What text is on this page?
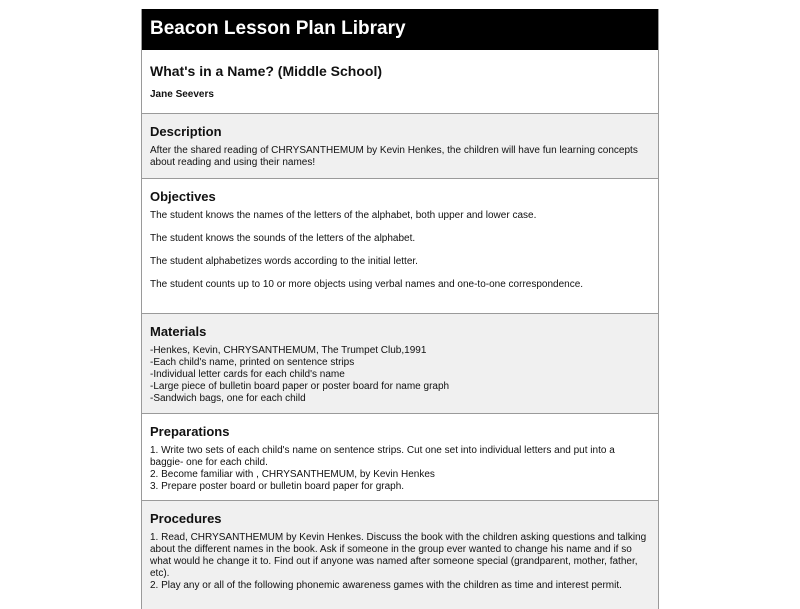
Beacon Lesson Plan Library

What's in a Name? (Middle School)

Jane Seevers
Description

After the shared reading of CHRYSANTHEMUM by Kevin Henkes, the children will have fun learning concepts about reading and using their names!

Objectives

The student knows the names of the letters of the alphabet, both upper and lower case.

The student knows the sounds of the letters of the alphabet.

The student alphabetizes words according to the initial letter.

The student counts up to 10 or more objects using verbal names and one-to-one correspondence.

Materials

-Henkes, Kevin, CHRYSANTHEMUM, The Trumpet Club,1991

-Each child's name, printed on sentence strips

-Individual letter cards for each child's name

-Large piece of bulletin board paper or poster board for name graph

-Sandwich bags, one for each child

Preparations

1. Write two sets of each child's name on sentence strips. Cut one set into individual letters and put into a baggie- one for each child.

2. Become familiar with , CHRYSANTHEMUM, by Kevin Henkes

3. Prepare poster board or bulletin board paper for graph.

Procedures

1. Read, CHRYSANTHEMUM by Kevin Henkes. Discuss the book with the children asking questions and talking about the different names in the book. Ask if someone in the group ever wanted to change his name and if so what would he change it to. Find out if anyone was named after someone special (grandparent, mother, father, etc).

2. Play any or all of the following phonemic awareness games with the children as time and interest permit.
